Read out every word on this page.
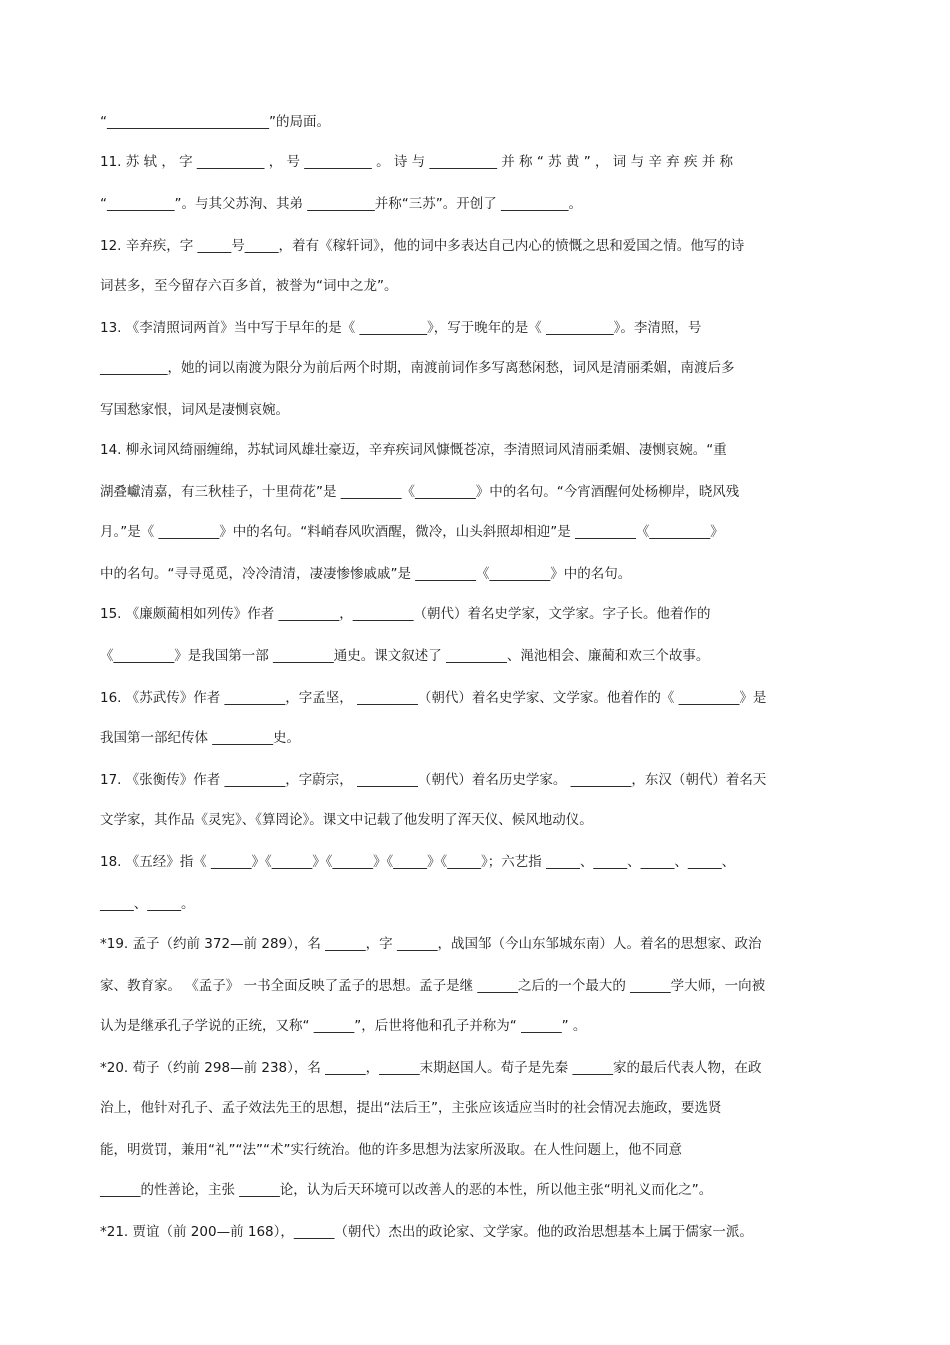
“________________________”的局面。
11. 苏 轼 ， 字 __________ ， 号 __________ 。 诗 与 __________ 并 称 “ 苏 黄 ” ， 词 与 辛 弃 疾 并 称
“__________”。与其父苏洵、其弟 __________并称“三苏”。开创了 __________。
12. 辛弃疾，字 _____号_____，着有《稼轩词》，他的词中多表达自己内心的愤慨之思和爱国之情。他写的诗
词甚多，至今留存六百多首，被誉为“词中之龙”。
13. 《李清照词两首》当中写于早年的是《 __________》，写于晚年的是《 __________》。李清照，号
__________，她的词以南渡为限分为前后两个时期，南渡前词作多写离愁闲愁，词风是清丽柔媚，南渡后多
写国愁家恨，词风是凄恻哀婉。
14. 柳永词风绮丽缠绵，苏轼词风雄壮豪迈，辛弃疾词风慷慨苍凉，李清照词风清丽柔媚、凄恻哀婉。“重
湖叠巘清嘉，有三秋桂子，十里荷花”是 _________《_________》中的名句。“今宵酒醒何处杨柳岸，晓风残
月。”是《 _________》中的名句。“料峭春风吹酒醒，微冷，山头斜照却相迎”是 _________《_________》
中的名句。“寻寻觅觅，冷冷清清，凄凄惨惨戚戚”是 _________《_________》中的名句。
15. 《廉颇蔺相如列传》作者 _________，_________（朝代）着名史学家，文学家。字子长。他着作的
《_________》是我国第一部 _________通史。课文叙述了 _________、渑池相会、廉蔺和欢三个故事。
16. 《苏武传》作者 _________，字孟坚， _________（朝代）着名史学家、文学家。他着作的《 _________》是
我国第一部纪传体 _________史。
17. 《张衡传》作者 _________，字蔚宗， _________（朝代）着名历史学家。 _________，东汉（朝代）着名天
文学家，其作品《灵宪》、《算罔论》。课文中记载了他发明了浑天仪、候风地动仪。
18. 《五经》指《 ______》《______》《______》《_____》《_____》；六艺指 _____、_____、_____、_____、
_____、_____。
*19. 孟子（约前 372—前 289），名 ______，字 ______，战国邹（今山东邹城东南）人。着名的思想家、政治
家、教育家。 《孟子》 一书全面反映了孟子的思想。孟子是继 ______之后的一个最大的 ______学大师，一向被
认为是继承孔子学说的正统，又称“ ______”，后世将他和孔子并称为“ ______” 。
*20. 荀子（约前 298—前 238），名 ______，______末期赵国人。荀子是先秦 ______家的最后代表人物，在政
治上，他针对孔子、孟子效法先王的思想，提出“法后王”，主张应该适应当时的社会情况去施政，要选贤
能，明赏罚，兼用“礼”“法”“术”实行统治。他的许多思想为法家所汲取。在人性问题上，他不同意
______的性善论，主张 ______论，认为后天环境可以改善人的恶的本性，所以他主张“明礼义而化之”。
*21. 贾谊（前 200—前 168），______（朝代）杰出的政论家、文学家。他的政治思想基本上属于儒家一派。
